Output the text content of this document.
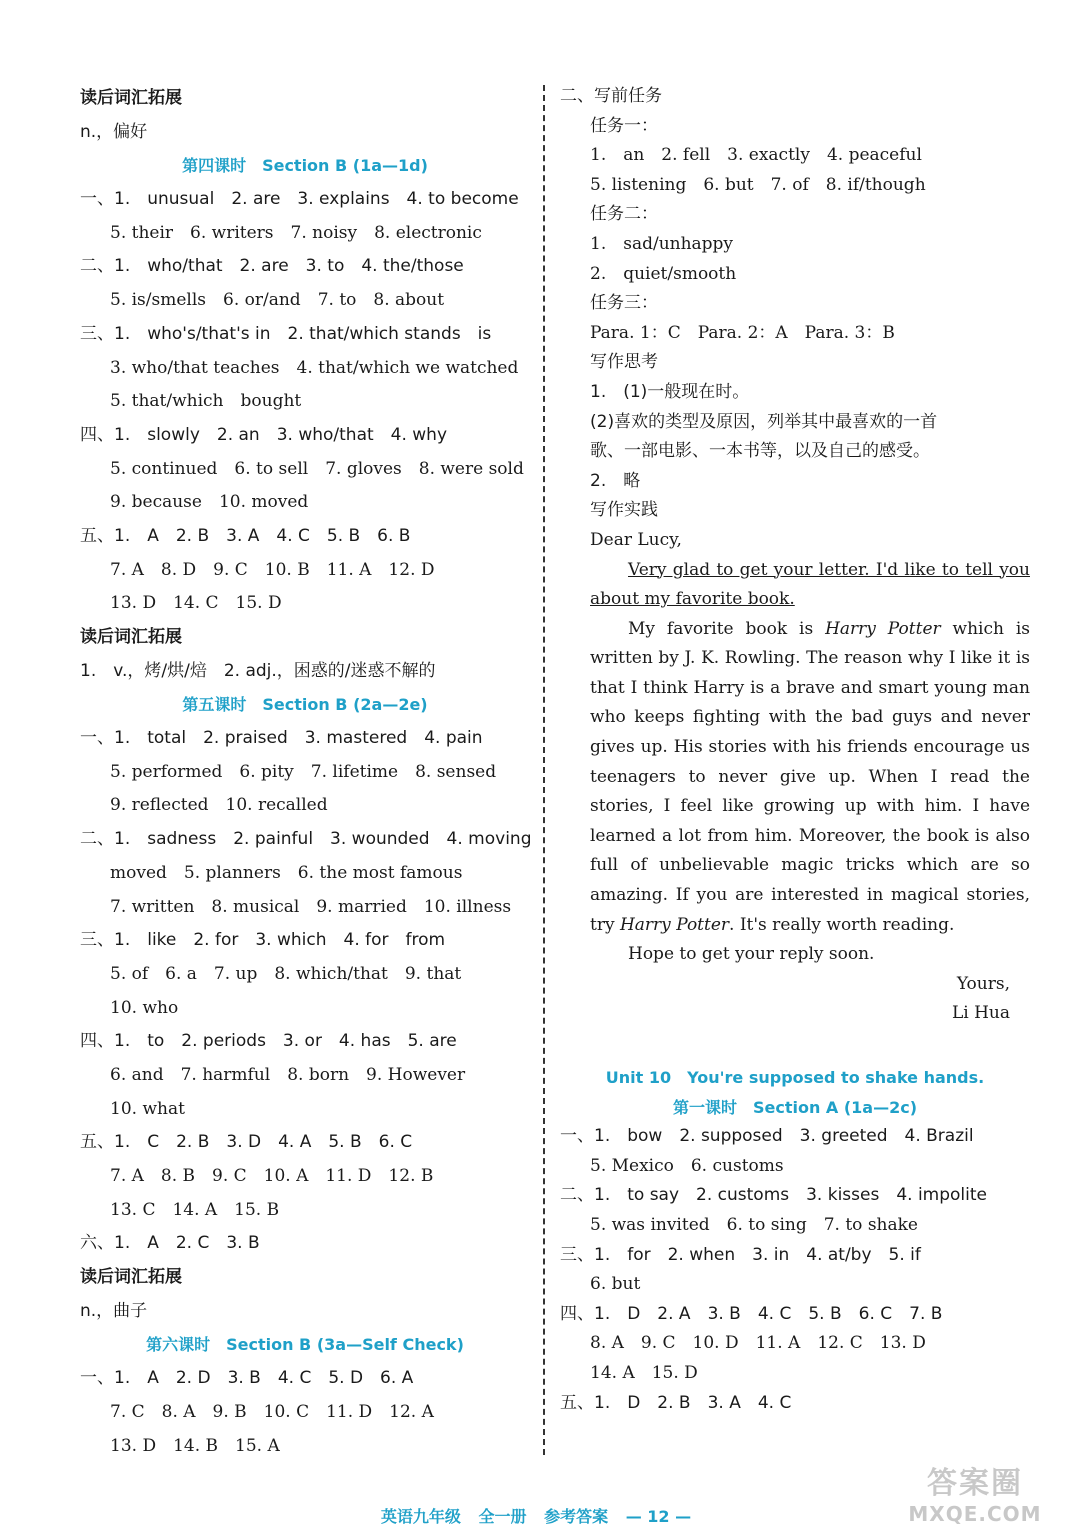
读后词汇拓展
n.，偏好
第四课时　Section B (1a—1d)
一、1.　unusual　2. are　3. explains　4. to become
5. their　6. writers　7. noisy　8. electronic
二、1.　who/that　2. are　3. to　4. the/those
5. is/smells　6. or/and　7. to　8. about
三、1.　who's/that's in　2. that/which stands　is
3. who/that teaches　4. that/which we watched
5. that/which　bought
四、1.　slowly　2. an　3. who/that　4. why
5. continued　6. to sell　7. gloves　8. were sold
9. because　10. moved
五、1.　A　2. B　3. A　4. C　5. B　6. B
7. A　8. D　9. C　10. B　11. A　12. D
13. D　14. C　15. D
读后词汇拓展
1.　v.，烤/烘/焙　2. adj.，困惑的/迷惑不解的
第五课时　Section B (2a—2e)
一、1.　total　2. praised　3. mastered　4. pain
5. performed　6. pity　7. lifetime　8. sensed
9. reflected　10. recalled
二、1.　sadness　2. painful　3. wounded　4. moving
moved　5. planners　6. the most famous
7. written　8. musical　9. married　10. illness
三、1.　like　2. for　3. which　4. for　from
5. of　6. a　7. up　8. which/that　9. that
10. who
四、1.　to　2. periods　3. or　4. has　5. are
6. and　7. harmful　8. born　9. However
10. what
五、1.　C　2. B　3. D　4. A　5. B　6. C
7. A　8. B　9. C　10. A　11. D　12. B
13. C　14. A　15. B
六、1.　A　2. C　3. B
读后词汇拓展
n.，曲子
第六课时　Section B (3a—Self Check)
一、1.　A　2. D　3. B　4. C　5. D　6. A
7. C　8. A　9. B　10. C　11. D　12. A
13. D　14. B　15. A
二、写前任务
任务一：
1.　an　2. fell　3. exactly　4. peaceful
5. listening　6. but　7. of　8. if/though
任务二：
1.　sad/unhappy
2.　quiet/smooth
任务三：
Para. 1：C　Para. 2：A　Para. 3：B
写作思考
1.　(1)一般现在时。
(2)喜欢的类型及原因，列举其中最喜欢的一首
歌、一部电影、一本书等，以及自己的感受。
2.　略
写作实践
Dear Lucy,
Very glad to get your letter. I'd like to tell you about my favorite book.
My favorite book is Harry Potter which is written by J. K. Rowling. The reason why I like it is that I think Harry is a brave and smart young man who keeps fighting with the bad guys and never gives up. His stories with his friends encourage us teenagers to never give up. When I read the stories, I feel like growing up with him. I have learned a lot from him. Moreover, the book is also full of unbelievable magic tricks which are so amazing. If you are interested in magical stories, try Harry Potter. It's really worth reading.
Hope to get your reply soon.
Yours,
Li Hua
Unit 10　You're supposed to shake hands.
第一课时　Section A (1a—2c)
一、1.　bow　2. supposed　3. greeted　4. Brazil
5. Mexico　6. customs
二、1.　to say　2. customs　3. kisses　4. impolite
5. was invited　6. to sing　7. to shake
三、1.　for　2. when　3. in　4. at/by　5. if
6. but
四、1.　D　2. A　3. B　4. C　5. B　6. C　7. B
8. A　9. C　10. D　11. A　12. C　13. D
14. A　15. D
五、1.　D　2. B　3. A　4. C
英语九年级 全一册 参考答案 — 12 —
答案圈
MXQE.COM
